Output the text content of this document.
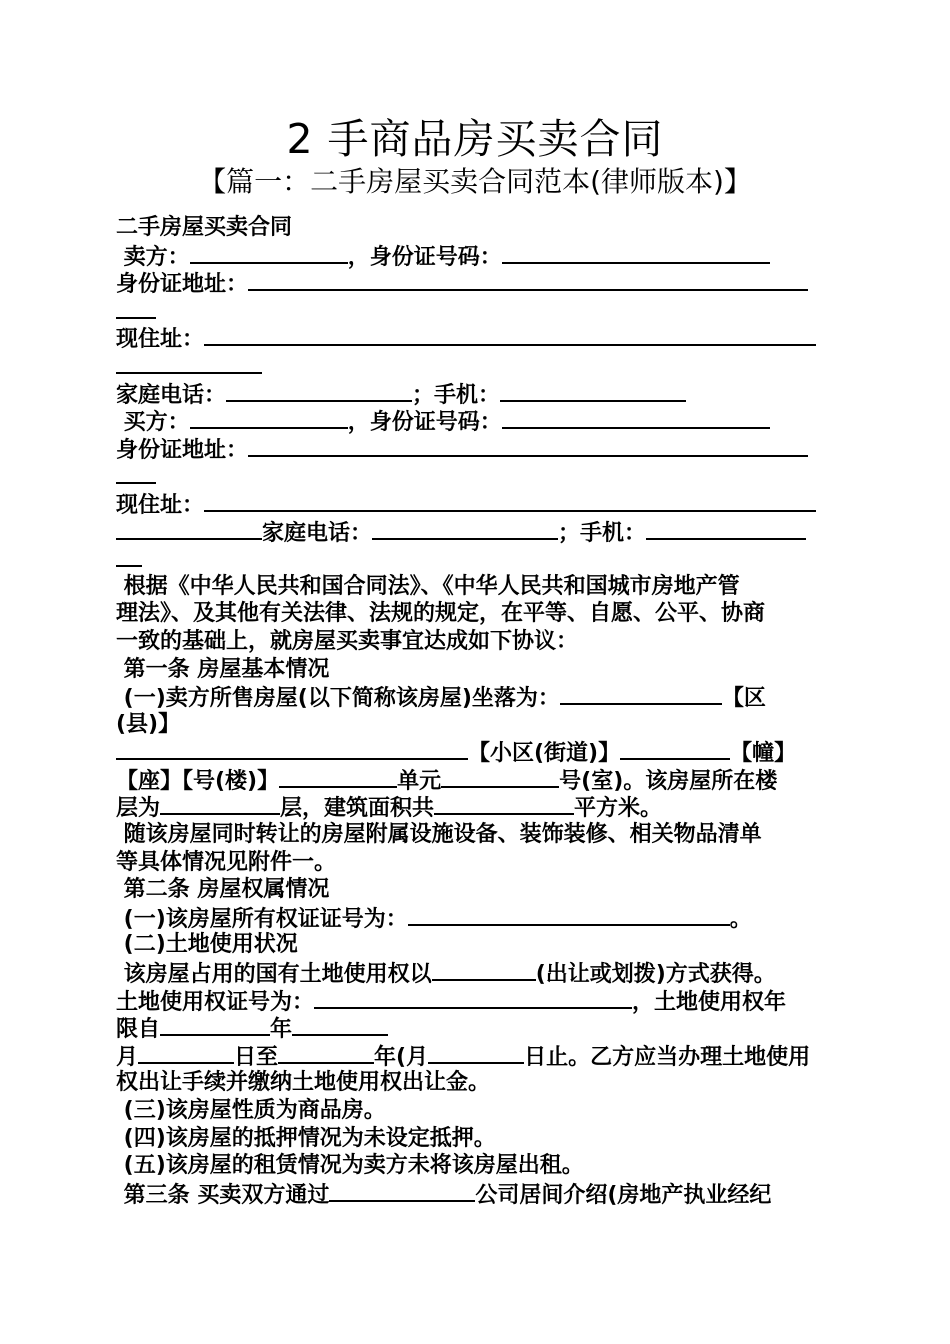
2 手商品房买卖合同
【篇一：二手房屋买卖合同范本(律师版本)】
二手房屋买卖合同
卖方：	，身份证号码：
身份证地址：
现住址：
家庭电话：	；手机：
买方：	，身份证号码：
身份证地址：
现住址：
家庭电话：	；手机：
根据《中华人民共和国合同法》、《中华人民共和国城市房地产管
理法》、及其他有关法律、法规的规定，在平等、自愿、公平、协商
一致的基础上，就房屋买卖事宜达成如下协议：
第一条 房屋基本情况
(一)卖方所售房屋(以下简称该房屋)坐落为：	【区
(县)】
【小区(街道)】	【幢】
【座】【号(楼)】	单元	号(室)。该房屋所在楼
层为	层，建筑面积共	平方米。
随该房屋同时转让的房屋附属设施设备、装饰装修、相关物品清单
等具体情况见附件一。
第二条 房屋权属情况
(一)该房屋所有权证证号为：	。
(二)土地使用状况
该房屋占用的国有土地使用权以	(出让或划拨)方式获得。
土地使用权证号为：	，土地使用权年
限自	年
月	日至	年(月	日止。乙方应当办理土地使用
权出让手续并缴纳土地使用权出让金。
(三)该房屋性质为商品房。
(四)该房屋的抵押情况为未设定抵押。
(五)该房屋的租赁情况为卖方未将该房屋出租。
第三条 买卖双方通过	公司居间介绍(房地产执业经纪
